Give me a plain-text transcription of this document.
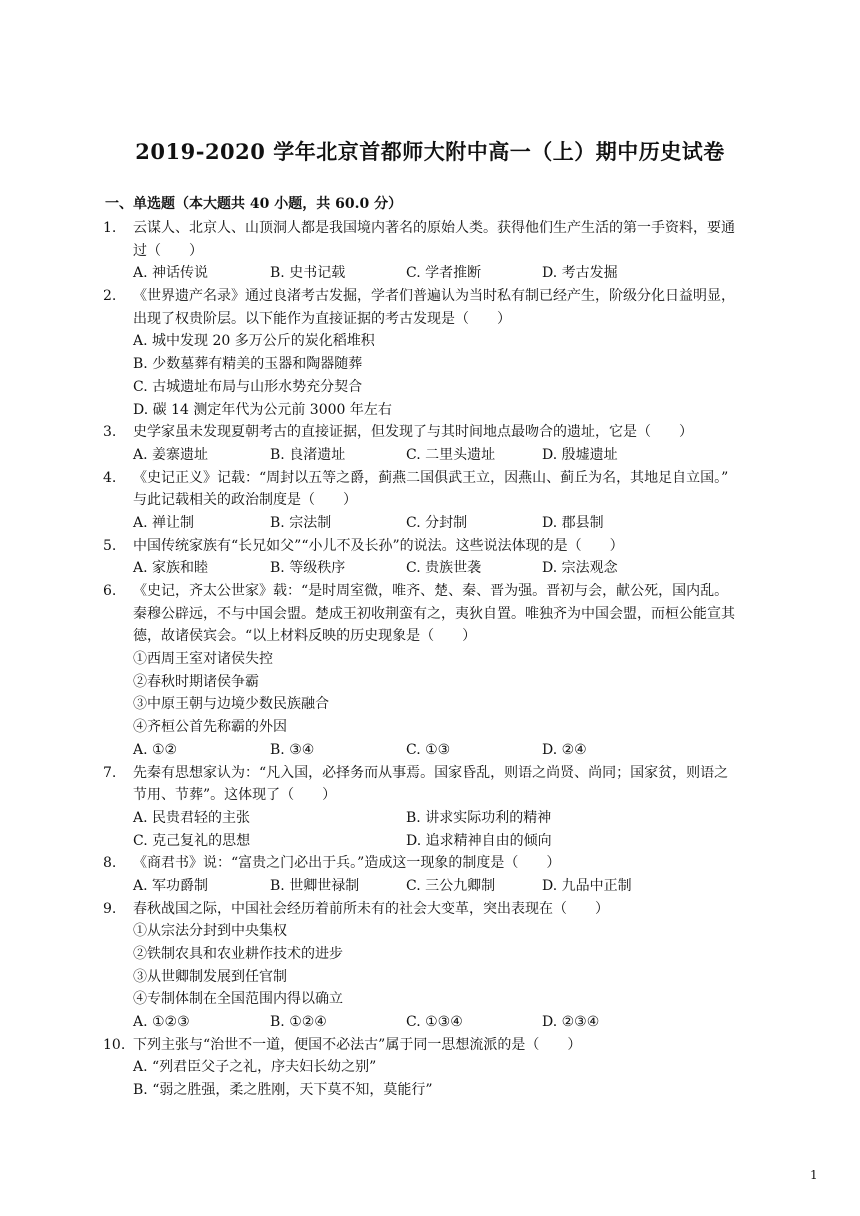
2019-2020 学年北京首都师大附中高一（上）期中历史试卷
一、单选题（本大题共 40 小题，共 60.0 分）
1. 云谋人、北京人、山顶洞人都是我国境内著名的原始人类。获得他们生产生活的第一手资料，要通
过（　　）
A. 神话传说	B. 史书记载	C. 学者推断	D. 考古发掘
2. 《世界遗产名录》通过良渚考古发掘，学者们普遍认为当时私有制已经产生，阶级分化日益明显，
出现了权贵阶层。以下能作为直接证据的考古发现是（　　）
A. 城中发现 20 多万公斤的炭化稻堆积
B. 少数墓葬有精美的玉器和陶器随葬
C. 古城遗址布局与山形水势充分契合
D. 碳 14 测定年代为公元前 3000 年左右
3. 史学家虽未发现夏朝考古的直接证据，但发现了与其时间地点最吻合的遗址，它是（　　）
A. 姜寨遗址	B. 良渚遗址	C. 二里头遗址	D. 殷墟遗址
4. 《史记正义》记载：“周封以五等之爵，蓟燕二国俱武王立，因燕山、蓟丘为名，其地足自立国。”
与此记载相关的政治制度是（　　）
A. 禅让制	B. 宗法制	C. 分封制	D. 郡县制
5. 中国传统家族有“长兄如父”“小儿不及长孙”的说法。这些说法体现的是（　　）
A. 家族和睦	B. 等级秩序	C. 贵族世袭	D. 宗法观念
6. 《史记，齐太公世家》载：“是时周室微，唯齐、楚、秦、晋为强。晋初与会，献公死，国内乱。
秦穆公辟远，不与中国会盟。楚成王初收荆蛮有之，夷狄自置。唯独齐为中国会盟，而桓公能宣其
德，故诸侯宾会。“以上材料反映的历史现象是（　　）
①西周王室对诸侯失控
②春秋时期诸侯争霸
③中原王朝与边境少数民族融合
④齐桓公首先称霸的外因
A. ①②	B. ③④	C. ①③	D. ②④
7. 先秦有思想家认为：“凡入国，必择务而从事焉。国家昏乱，则语之尚贤、尚同；国家贫，则语之
节用、节葬”。这体现了（　　）
A. 民贵君轻的主张	B. 讲求实际功利的精神
C. 克己复礼的思想	D. 追求精神自由的倾向
8. 《商君书》说：“富贵之门必出于兵。”造成这一现象的制度是（　　）
A. 军功爵制	B. 世卿世禄制	C. 三公九卿制	D. 九品中正制
9. 春秋战国之际，中国社会经历着前所未有的社会大变革，突出表现在（　　）
①从宗法分封到中央集权
②铁制农具和农业耕作技术的进步
③从世卿制发展到任官制
④专制体制在全国范围内得以确立
A. ①②③	B. ①②④	C. ①③④	D. ②③④
10. 下列主张与“治世不一道，便国不必法古”属于同一思想流派的是（　　）
A. “列君臣父子之礼，序夫妇长幼之别”
B. “弱之胜强，柔之胜刚，天下莫不知，莫能行”
1
